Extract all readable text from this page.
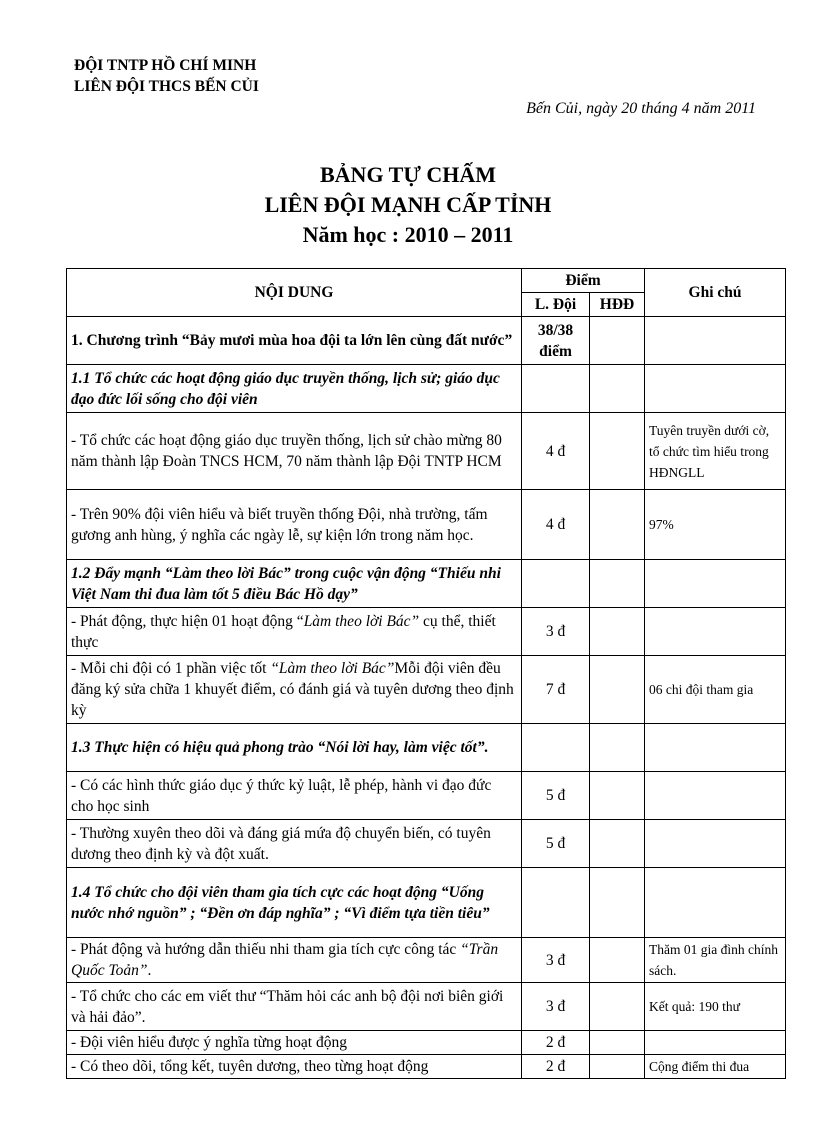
ĐỘI TNTP HỒ CHÍ MINH
LIÊN ĐỘI THCS BẾN CỦI
Bến Củi, ngày 20 tháng 4 năm 2011
BẢNG TỰ CHẤM
LIÊN ĐỘI MẠNH CẤP TỈNH
Năm học : 2010 – 2011
NỘI DUNG	Điểm		Ghi chú
	L. Đội	HĐĐ	
1. Chương trình “Bảy mươi mùa hoa đội ta lớn lên cùng đất nước”	38/38 điểm		
1.1 Tổ chức các hoạt động giáo dục truyền thống, lịch sử; giáo dục đạo đức lối sống cho đội viên			
- Tổ chức các hoạt động giáo dục truyền thống, lịch sử chào mừng 80 năm thành lập Đoàn TNCS HCM, 70 năm thành lập Đội TNTP HCM	4 đ		Tuyên truyền dưới cờ, tổ chức tìm hiểu trong HĐNGLL
- Trên 90% đội viên hiểu và biết truyền thống Đội, nhà trường, tấm gương anh hùng, ý nghĩa các ngày lễ, sự kiện lớn trong năm học.	4 đ		97%
1.2 Đẩy mạnh “Làm theo lời Bác” trong cuộc vận động “Thiếu nhi Việt Nam thi đua làm tốt 5 điều Bác Hồ dạy”			
- Phát động, thực hiện 01 hoạt động “Làm theo lời Bác” cụ thể, thiết thực	3 đ		
- Mỗi chi đội có 1 phần việc tốt “Làm theo lời Bác”Mỗi đội viên đều đăng ký sửa chữa 1 khuyết điểm, có đánh giá và tuyên dương theo định kỳ	7 đ		06 chi đội tham gia
1.3 Thực hiện có hiệu quả phong trào “Nói lời hay, làm việc tốt”.			
- Có các hình thức giáo dục ý thức kỷ luật, lễ phép, hành vi đạo đức cho học sinh	5 đ		
- Thường xuyên theo dõi và đáng giá mứa độ chuyển biến, có tuyên dương theo định kỳ và đột xuất.	5 đ		
1.4 Tổ chức cho đội viên tham gia tích cực các hoạt động “Uống nước nhớ nguồn” ; “Đền ơn đáp nghĩa” ; “Vì điểm tựa tiền tiêu”			
- Phát động và hướng dẫn thiếu nhi tham gia tích cực công tác “Trần Quốc Toản”.	3 đ		Thăm 01 gia đình chính sách.
- Tổ chức cho các em viết thư “Thăm hỏi các anh bộ đội nơi biên giới và hải đảo”.	3 đ		Kết quả: 190 thư
- Đội viên hiểu được ý nghĩa từng hoạt động	2 đ		
- Có theo dõi, tổng kết, tuyên dương, theo từng hoạt động	2 đ		Cộng điểm thi đua
